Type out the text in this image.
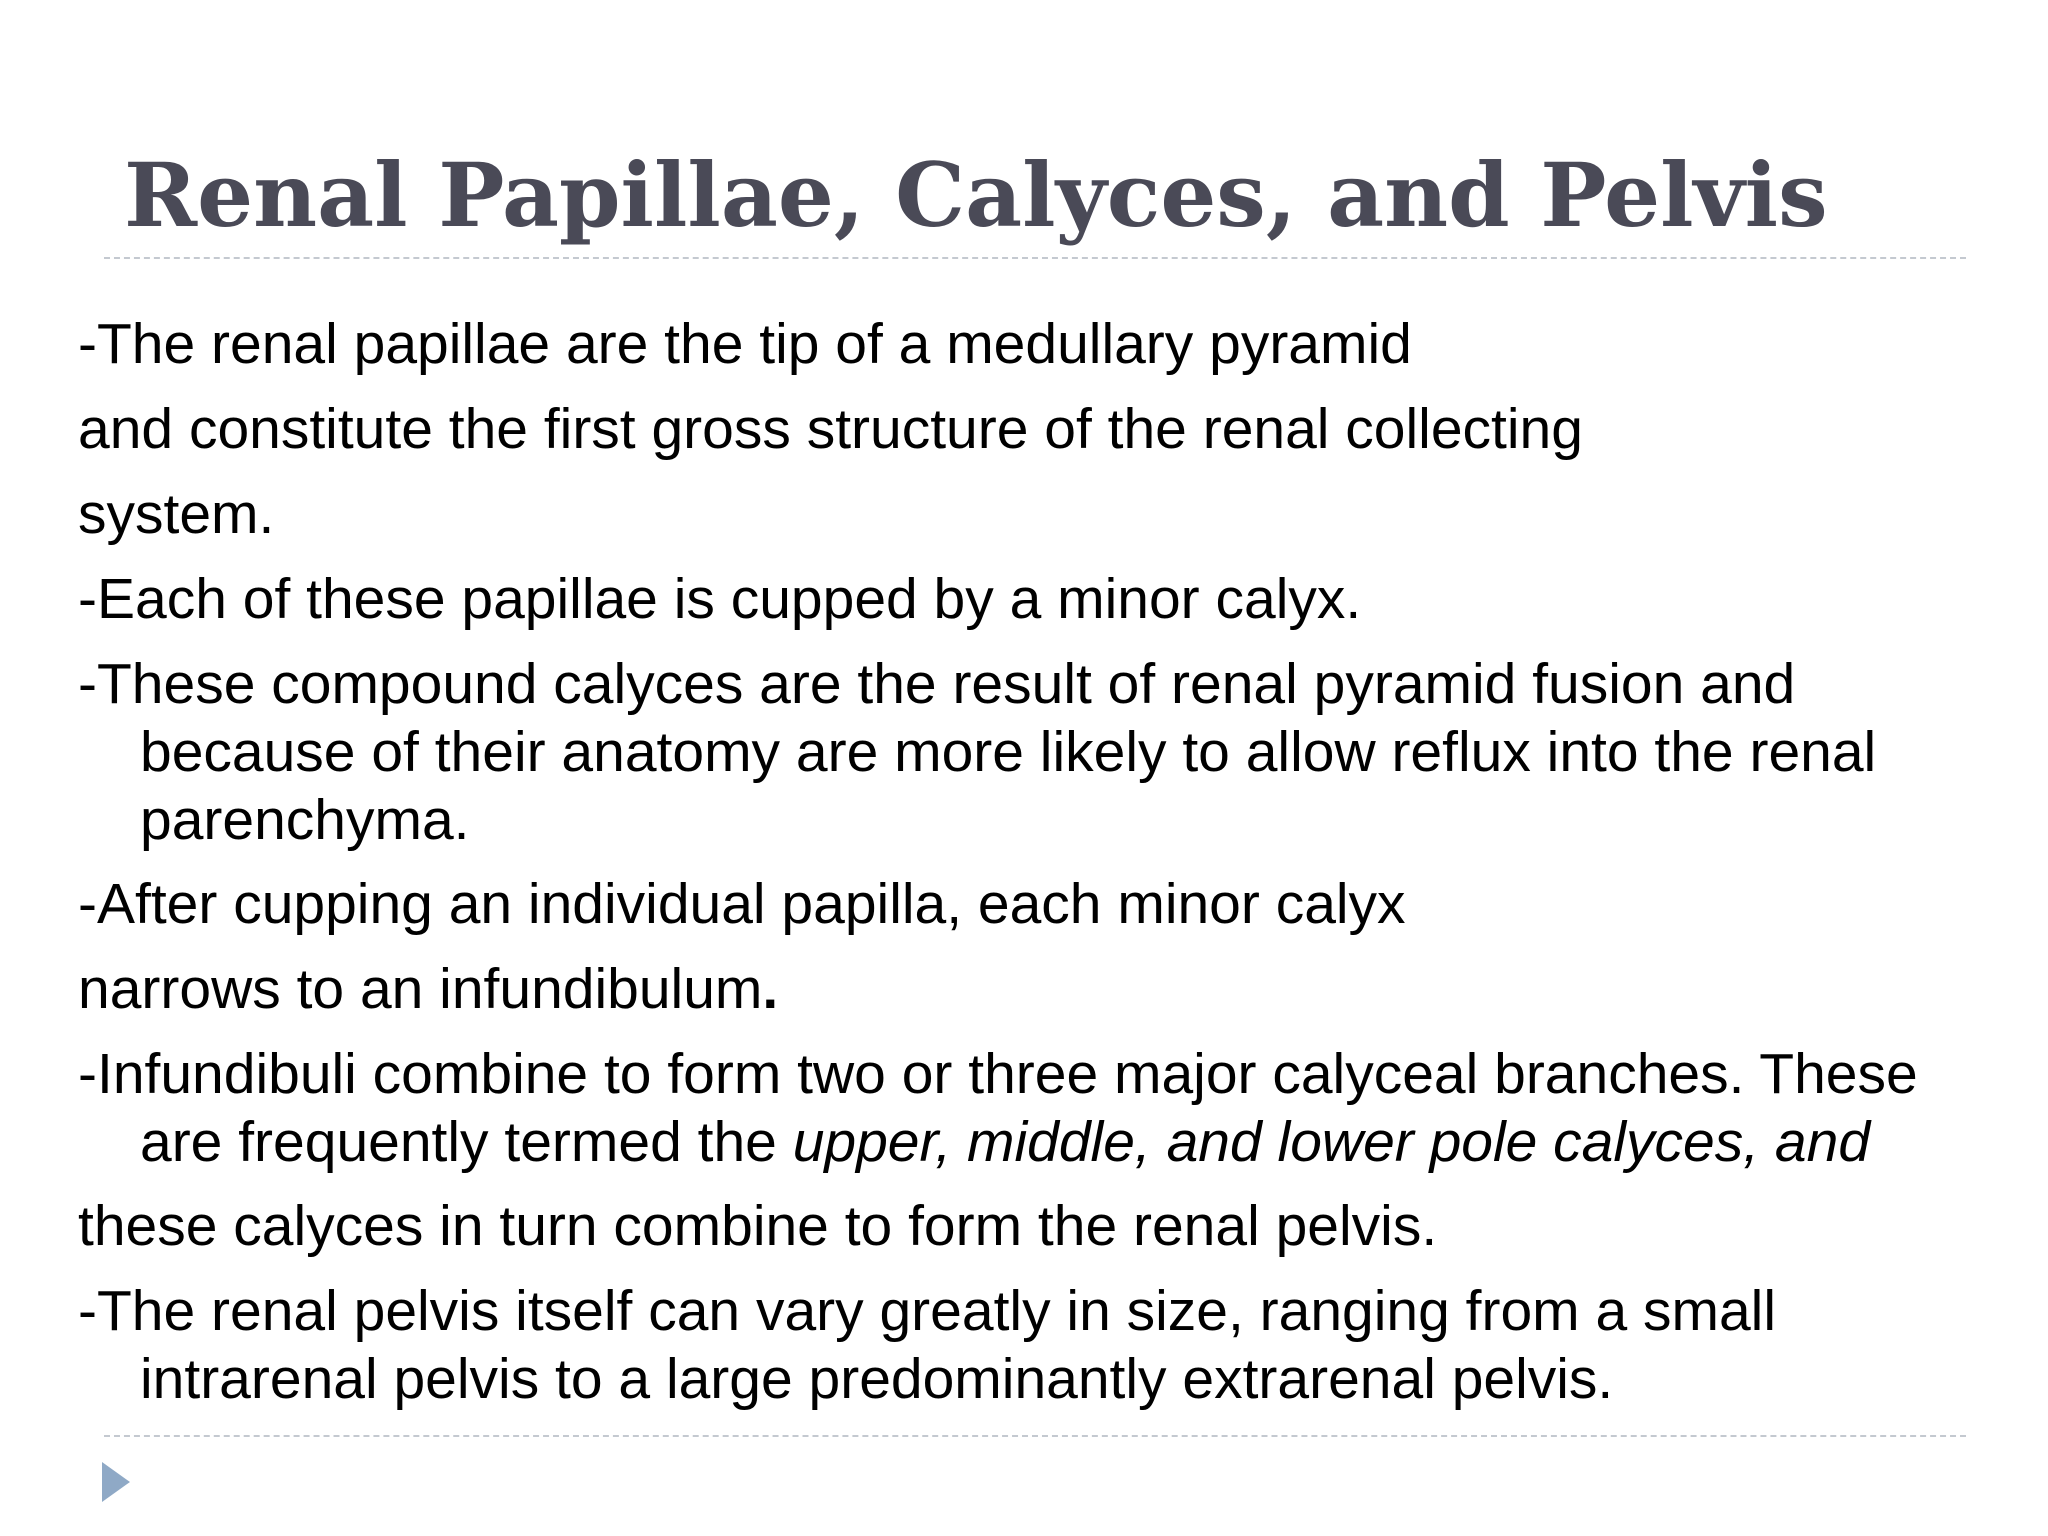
Renal Papillae, Calyces, and Pelvis

-The renal papillae are the tip of a medullary pyramid

and constitute the first gross structure of the renal collecting

system.

-Each of these papillae is cupped by a minor calyx.

-These compound calyces are the result of renal pyramid fusion and because of their anatomy are more likely to allow reflux into the renal parenchyma.

-After cupping an individual papilla, each minor calyx

narrows to an infundibulum.

-Infundibuli combine to form two or three major calyceal branches. These are frequently termed the upper, middle, and lower pole calyces, and

these calyces in turn combine to form the renal pelvis.

-The renal pelvis itself can vary greatly in size, ranging from a small intrarenal pelvis to a large predominantly extrarenal pelvis.
